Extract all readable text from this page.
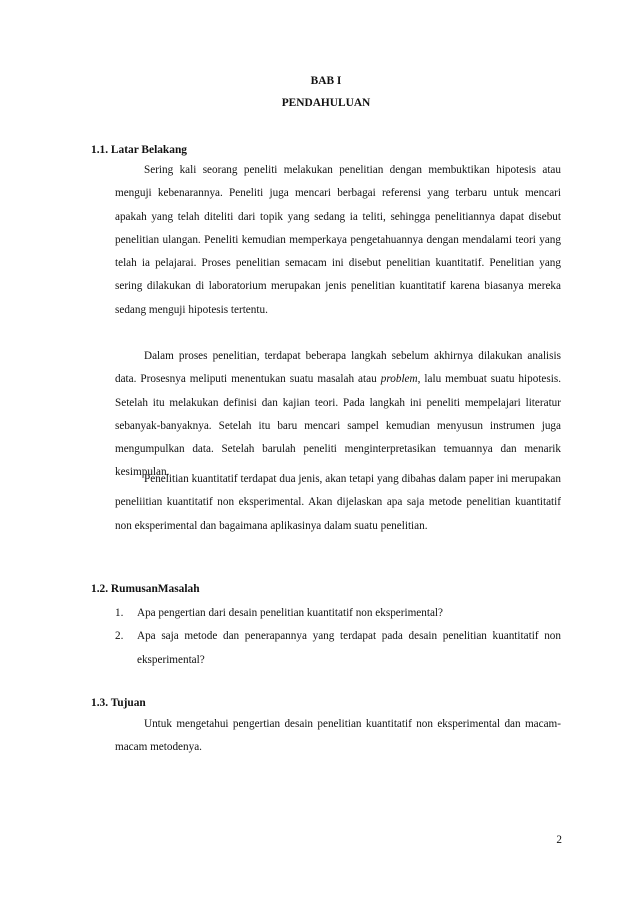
BAB I
PENDAHULUAN
1.1. Latar Belakang

Sering kali seorang peneliti melakukan penelitian dengan membuktikan hipotesis atau menguji kebenarannya. Peneliti juga mencari berbagai referensi yang terbaru untuk mencari apakah yang telah diteliti dari topik yang sedang ia teliti, sehingga penelitiannya dapat disebut penelitian ulangan. Peneliti kemudian memperkaya pengetahuannya dengan mendalami teori yang telah ia pelajarai. Proses penelitian semacam ini disebut penelitian kuantitatif. Penelitian yang sering dilakukan di laboratorium merupakan jenis penelitian kuantitatif karena biasanya mereka sedang menguji hipotesis tertentu.

Dalam proses penelitian, terdapat beberapa langkah sebelum akhirnya dilakukan analisis data. Prosesnya meliputi menentukan suatu masalah atau problem, lalu membuat suatu hipotesis. Setelah itu melakukan definisi dan kajian teori. Pada langkah ini peneliti mempelajari literatur sebanyak-banyaknya. Setelah itu baru mencari sampel kemudian menyusun instrumen juga mengumpulkan data. Setelah barulah peneliti menginterpretasikan temuannya dan menarik kesimpulan.

Penelitian kuantitatif terdapat dua jenis, akan tetapi yang dibahas dalam paper ini merupakan peneliitian kuantitatif non eksperimental. Akan dijelaskan apa saja metode penelitian kuantitatif non eksperimental dan bagaimana aplikasinya dalam suatu penelitian.

1.2. RumusanMasalah
1. Apa pengertian dari desain penelitian kuantitatif non eksperimental?
2. Apa saja metode dan penerapannya yang terdapat pada desain penelitian kuantitatif non eksperimental?
1.3. Tujuan

Untuk mengetahui pengertian desain penelitian kuantitatif non eksperimental dan macam-macam metodenya.

2
